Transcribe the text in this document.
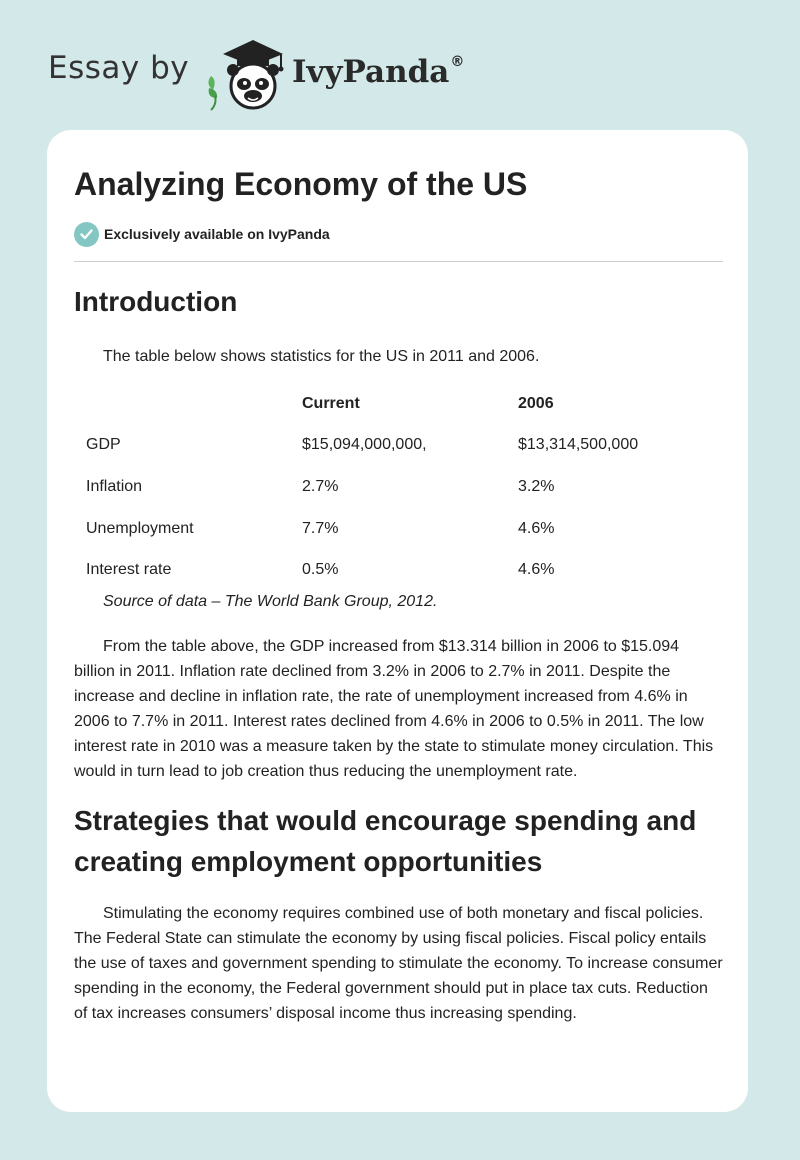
Essay by	IvyPanda®
Analyzing Economy of the US
Exclusively available on IvyPanda
Introduction

The table below shows statistics for the US in 2011 and 2006.

	Current	2006
GDP	$15,094,000,000,	$13,314,500,000
Inflation	2.7%	3.2%
Unemployment	7.7%	4.6%
Interest rate	0.5%	4.6%

Source of data – The World Bank Group, 2012.

From the table above, the GDP increased from $13.314 billion in 2006 to $15.094 billion in 2011. Inflation rate declined from 3.2% in 2006 to 2.7% in 2011. Despite the increase and decline in inflation rate, the rate of unemployment increased from 4.6% in 2006 to 7.7% in 2011. Interest rates declined from 4.6% in 2006 to 0.5% in 2011. The low interest rate in 2010 was a measure taken by the state to stimulate money circulation. This would in turn lead to job creation thus reducing the unemployment rate.

Strategies that would encourage spending and creating employment opportunities

Stimulating the economy requires combined use of both monetary and fiscal policies. The Federal State can stimulate the economy by using fiscal policies. Fiscal policy entails the use of taxes and government spending to stimulate the economy. To increase consumer spending in the economy, the Federal government should put in place tax cuts. Reduction of tax increases consumers’ disposal income thus increasing spending.
